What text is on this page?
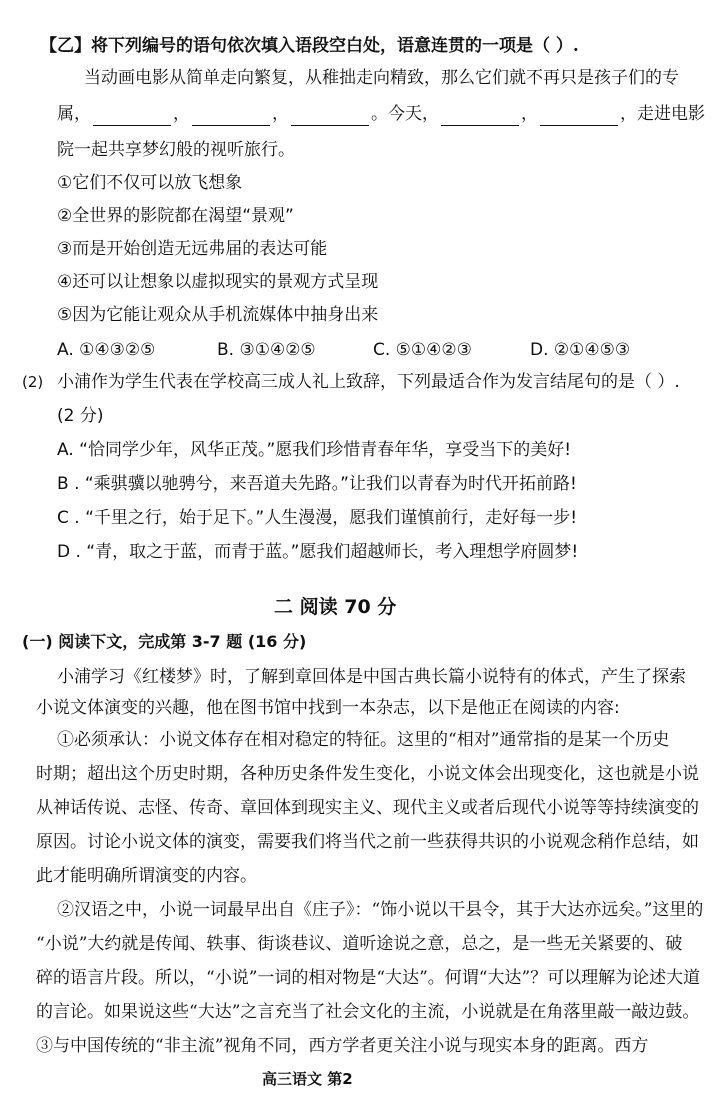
【乙】将下列编号的语句依次填入语段空白处，语意连贯的一项是（ ）.
当动画电影从简单走向繁复，从稚拙走向精致，那么它们就不再只是孩子们的专
属，	，	，	。今天，	，	，走进电影
院一起共享梦幻般的视听旅行。
①它们不仅可以放飞想象
②全世界的影院都在渴望“景观”
③而是开始创造无远弗届的表达可能
④还可以让想象以虚拟现实的景观方式呈现
⑤因为它能让观众从手机流媒体中抽身出来
A. ①④③②⑤	B. ③①④②⑤	C. ⑤①④②③	D. ②①④⑤③
(2) 小浦作为学生代表在学校高三成人礼上致辞，下列最适合作为发言结尾句的是（ ）.
(2 分)
A. “恰同学少年，风华正茂。”愿我们珍惜青春年华，享受当下的美好!
B . “乘骐骥以驰骋兮，来吾道夫先路。”让我们以青春为时代开拓前路!
C . “千里之行，始于足下。”人生漫漫，愿我们谨慎前行，走好每一步!
D . “青，取之于蓝，而青于蓝。”愿我们超越师长，考入理想学府圆梦!
二 阅读 70 分
(一) 阅读下文，完成第 3-7 题 (16 分)
小浦学习《红楼梦》时，了解到章回体是中国古典长篇小说特有的体式，产生了探索
小说文体演变的兴趣，他在图书馆中找到一本杂志，以下是他正在阅读的内容:
①必须承认：小说文体存在相对稳定的特征。这里的“相对”通常指的是某一个历史
时期；超出这个历史时期，各种历史条件发生变化，小说文体会出现变化，这也就是小说
从神话传说、志怪、传奇、章回体到现实主义、现代主义或者后现代小说等等持续演变的
原因。讨论小说文体的演变，需要我们将当代之前一些获得共识的小说观念稍作总结，如
此才能明确所谓演变的内容。
②汉语之中，小说一词最早出自《庄子》：“饰小说以干县令，其于大达亦远矣。”这里的
“小说”大约就是传闻、轶事、街谈巷议、道听途说之意，总之，是一些无关紧要的、破
碎的语言片段。所以，“小说”一词的相对物是“大达”。何谓“大达”？可以理解为论述大道
的言论。如果说这些“大达”之言充当了社会文化的主流，小说就是在角落里敲一敲边鼓。
③与中国传统的“非主流”视角不同，西方学者更关注小说与现实本身的距离。西方
高三语文 第2
